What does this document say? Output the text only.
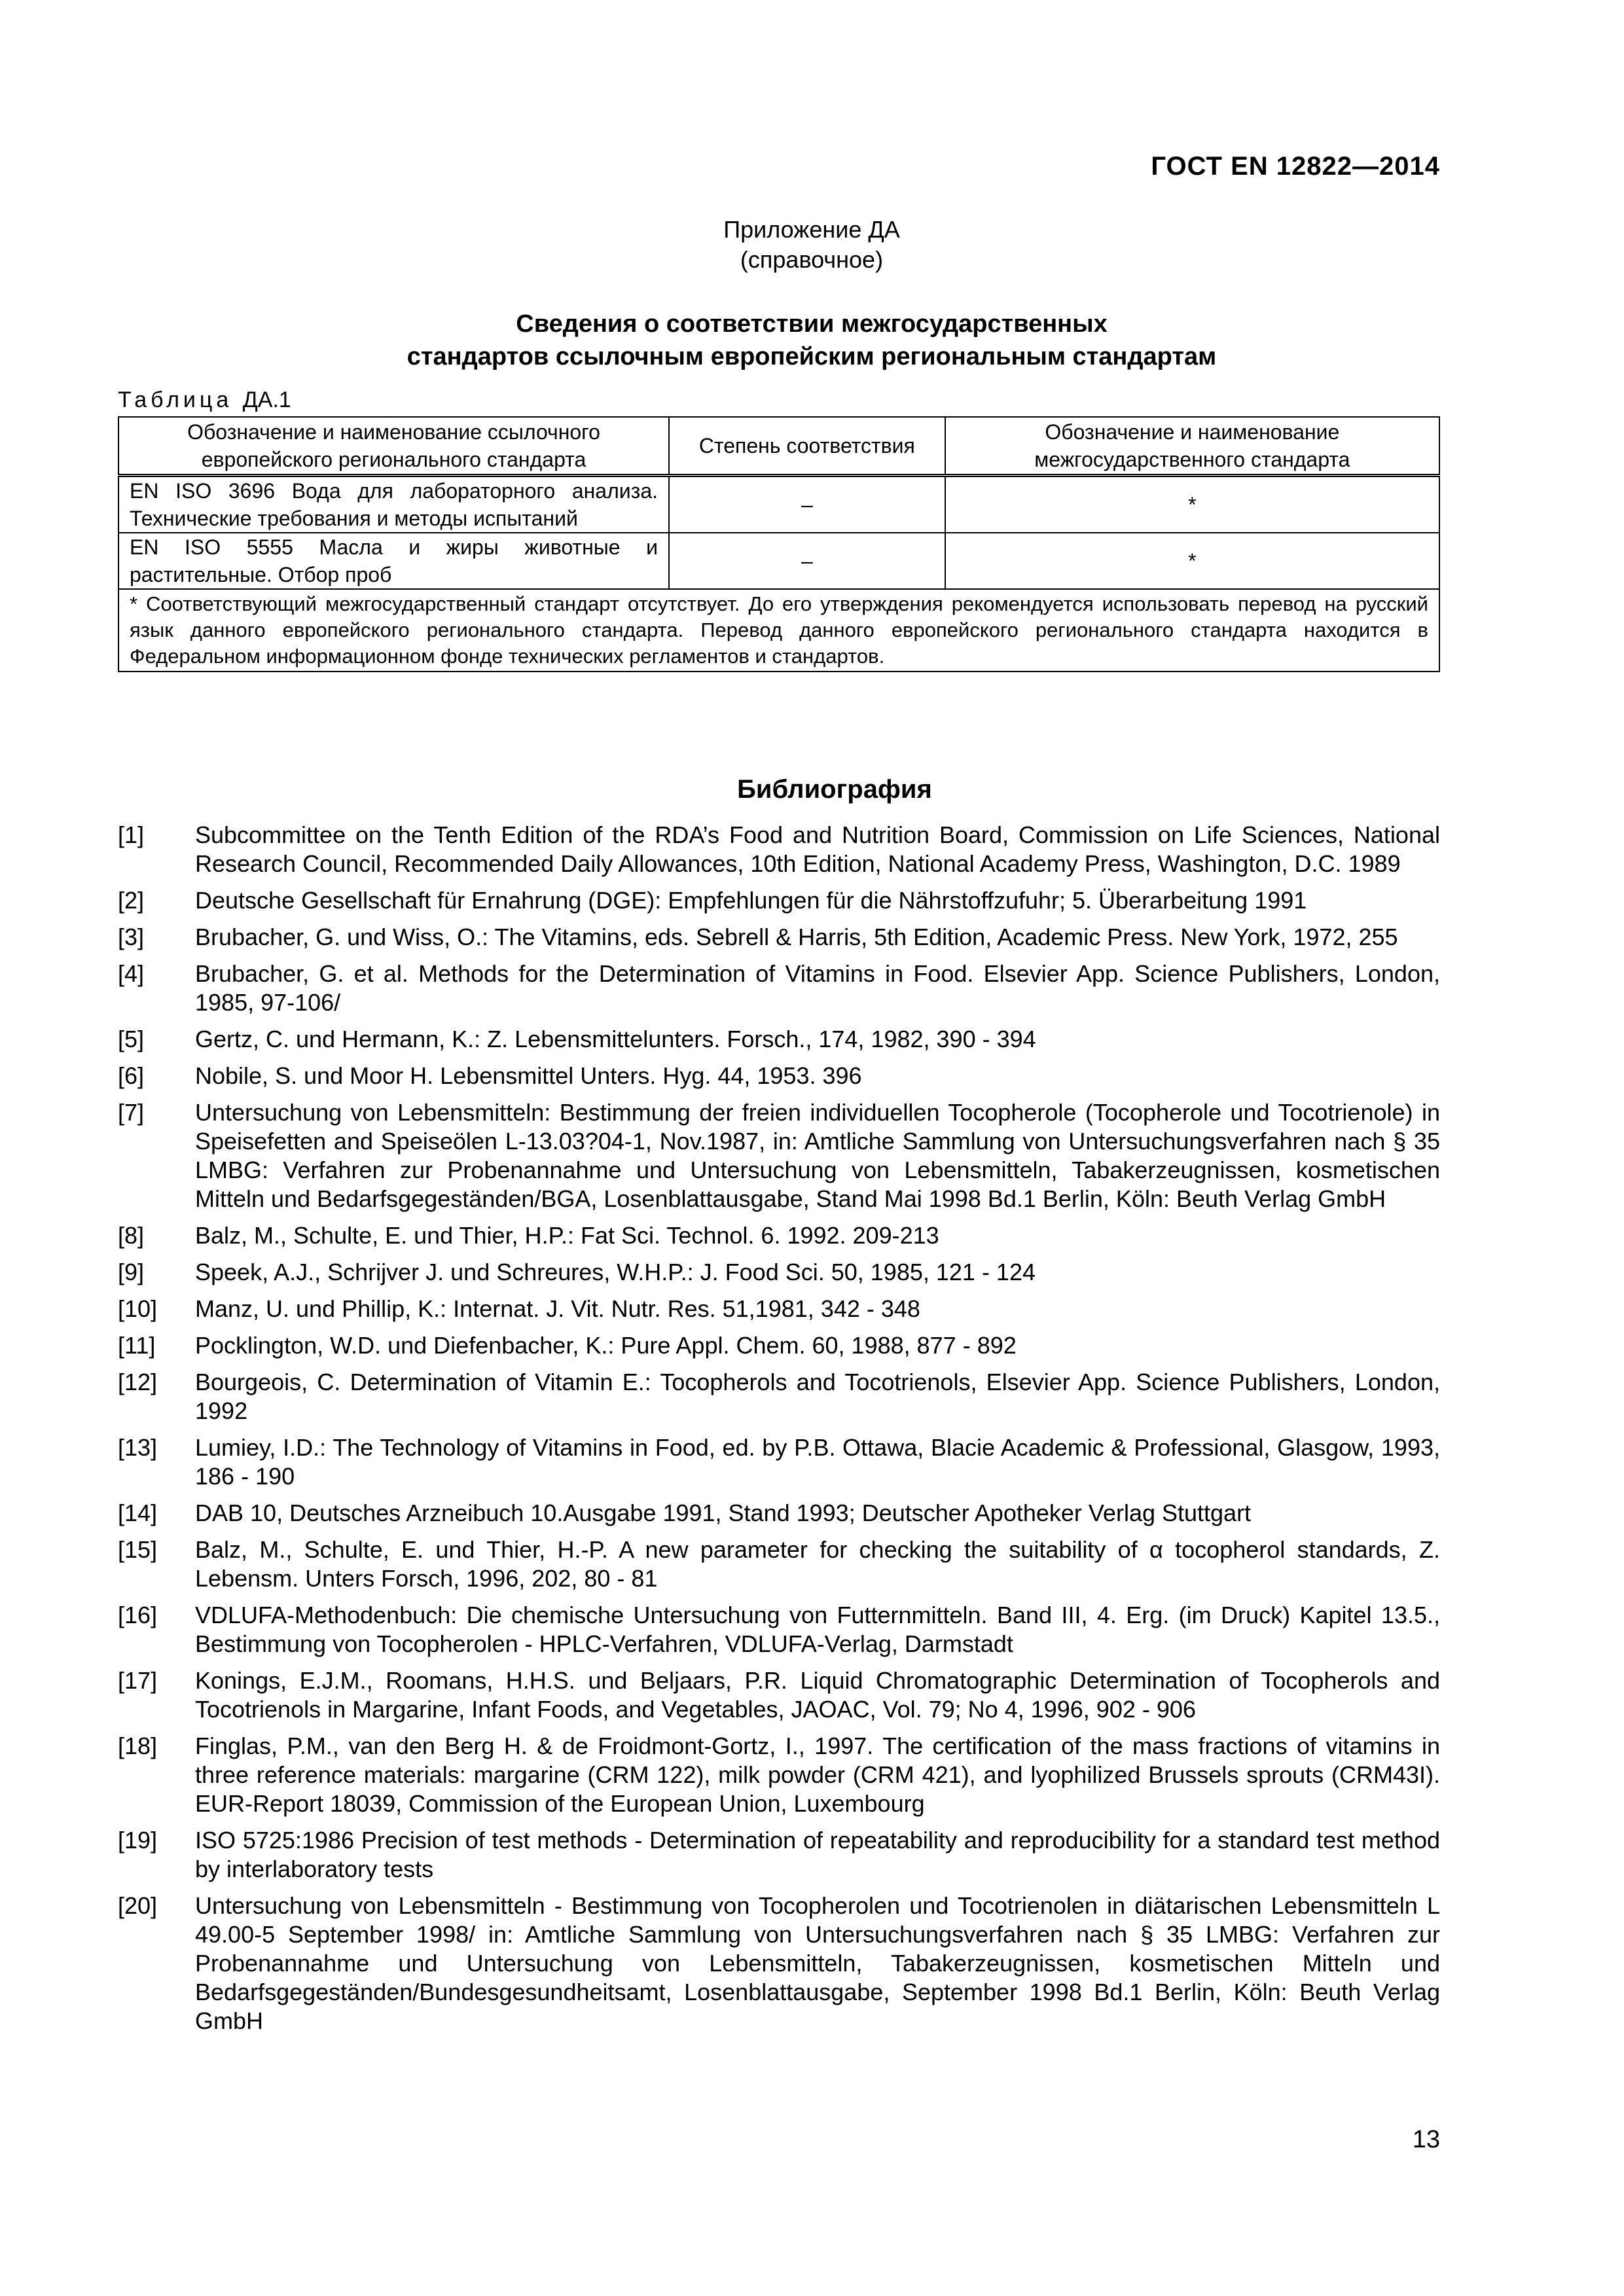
ГОСТ EN 12822—2014
Приложение ДА
(справочное)
Сведения о соответствии межгосударственных
стандартов ссылочным европейским региональным стандартам
Таблица ДА.1
Обозначение и наименование ссылочного европейского регионального стандарта	Степень соответствия	Обозначение и наименование межгосударственного стандарта
EN ISO 3696 Вода для лабораторного анализа. Технические требования и методы испытаний	–	*
EN ISO 5555 Масла и жиры животные и растительные. Отбор проб	–	*
* Соответствующий межгосударственный стандарт отсутствует. До его утверждения рекомендуется использовать перевод на русский язык данного европейского регионального стандарта. Перевод данного европейского регионального стандарта находится в Федеральном информационном фонде технических регламентов и стандартов.		
Библиография
[1]	Subcommittee on the Tenth Edition of the RDA’s Food and Nutrition Board, Commission on Life Sciences, National Research Council, Recommended Daily Allowances, 10th Edition, National Academy Press, Washington, D.C. 1989
[2]	Deutsche Gesellschaft für Ernahrung (DGE): Empfehlungen für die Nährstoffzufuhr; 5. Überarbeitung 1991
[3]	Brubacher, G. und Wiss, O.: The Vitamins, eds. Sebrell & Harris, 5th Edition, Academic Press. New York, 1972, 255
[4]	Brubacher, G. et al. Methods for the Determination of Vitamins in Food. Elsevier App. Science Publishers, London, 1985, 97-106/
[5]	Gertz, C. und Hermann, K.: Z. Lebensmittelunters. Forsch., 174, 1982, 390 - 394
[6]	Nobile, S. und Moor H. Lebensmittel Unters. Hyg. 44, 1953. 396
[7]	Untersuchung von Lebensmitteln: Bestimmung der freien individuellen Tocopherole (Tocopherole und Tocotrienole) in Speisefetten and Speiseölen L-13.03?04-1, Nov.1987, in: Amtliche Sammlung von Untersuchungsverfahren nach § 35 LMBG: Verfahren zur Probenannahme und Untersuchung von Lebensmitteln, Tabakerzeugnissen, kosmetischen Mitteln und Bedarfsgegeständen/BGA, Losenblattausgabe, Stand Mai 1998 Bd.1 Berlin, Köln: Beuth Verlag GmbH
[8]	Balz, M., Schulte, E. und Thier, H.P.: Fat Sci. Technol. 6. 1992. 209-213
[9]	Speek, A.J., Schrijver J. und Schreures, W.H.P.: J. Food Sci. 50, 1985, 121 - 124
[10]	Manz, U. und Phillip, K.: Internat. J. Vit. Nutr. Res. 51,1981, 342 - 348
[11]	Pocklington, W.D. und Diefenbacher, K.: Pure Appl. Chem. 60, 1988, 877 - 892
[12]	Bourgeois, C. Determination of Vitamin E.: Tocopherols and Tocotrienols, Elsevier App. Science Publishers, London, 1992
[13]	Lumiey, I.D.: The Technology of Vitamins in Food, ed. by P.B. Ottawa, Blacie Academic & Professional, Glasgow, 1993, 186 - 190
[14]	DAB 10, Deutsches Arzneibuch 10.Ausgabe 1991, Stand 1993; Deutscher Apotheker Verlag Stuttgart
[15]	Balz, M., Schulte, E. und Thier, H.-P. A new parameter for checking the suitability of α tocopherol standards, Z. Lebensm. Unters Forsch, 1996, 202, 80 - 81
[16]	VDLUFA-Methodenbuch: Die chemische Untersuchung von Futternmitteln. Band III, 4. Erg. (im Druck) Kapitel 13.5., Bestimmung von Tocopherolen - HPLC-Verfahren, VDLUFA-Verlag, Darmstadt
[17]	Konings, E.J.M., Roomans, H.H.S. und Beljaars, P.R. Liquid Chromatographic Determination of Tocopherols and Tocotrienols in Margarine, Infant Foods, and Vegetables, JAOAC, Vol. 79; No 4, 1996, 902 - 906
[18]	Finglas, P.M., van den Berg H. & de Froidmont-Gortz, I., 1997. The certification of the mass fractions of vitamins in three reference materials: margarine (CRM 122), milk powder (CRM 421), and lyophilized Brussels sprouts (CRM43I). EUR-Report 18039, Commission of the European Union, Luxembourg
[19]	ISO 5725:1986 Precision of test methods - Determination of repeatability and reproducibility for a standard test method by interlaboratory tests
[20]	Untersuchung von Lebensmitteln - Bestimmung von Tocopherolen und Tocotrienolen in diätarischen Lebensmitteln L 49.00-5 September 1998/ in: Amtliche Sammlung von Untersuchungsverfahren nach § 35 LMBG: Verfahren zur Probenannahme und Untersuchung von Lebensmitteln, Tabakerzeugnissen, kosmetischen Mitteln und Bedarfsgegeständen/Bundesgesundheitsamt, Losenblattausgabe, September 1998 Bd.1 Berlin, Köln: Beuth Verlag GmbH
13
